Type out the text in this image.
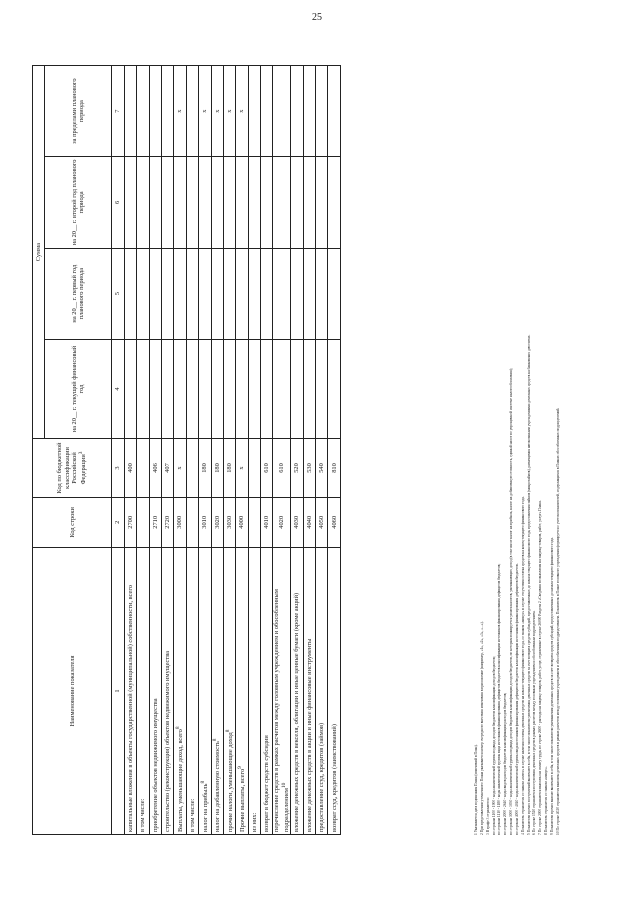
25
Наименование показателя	Код строки	Код по бюджетной классификации Российской Федерации$^3$	Сумма			
			на 20__ г. текущий финансовый год	на 20__ г. первый год планового периода	на 20__ г. второй год планового периода	за пределами планового периода
1	2	3	4	5	6	7
капитальные вложения в объекты государственной (муниципальной) собственности, всего	2700	400				
в том числе:						
приобретение объектов недвижимого имущества	2710	406				
строительство (реконструкция) объектов недвижимого имущества	2720	407				
Выплаты, уменьшающие доход, всего$^8$	3000	x				x
в том числе:						
налог на прибыль$^8$	3010	180				x
налог на добавленную стоимость$^8$	3020	180				x
прочие налоги, уменьшающие доход$^8$	3030	180				x
Прочие выплаты, всего$^9$	4000	x				x
из них:						
возврат в бюджет средств субсидии	4010	610				
перечисление средств в рамках расчетов между головным учреждением и обособленным подразделением$^{10}$	4020	610				
вложение денежных средств в векселя, облигации и иные ценные бумаги (кроме акций)	4030	520				
вложение денежных средств в акции и иные финансовые инструменты	4040	530				
предоставление ссуд, кредитов (займов)	4050	540				
возврат ссуд, кредитов (заимствований)	4060	810				

1 Указывается дата подписания Плана (изменений в План). 2 При представлении уточненного Плана указывается номер очередного внесения изменения в приложение (например, «1», «2», «3», «...»). 3 В графе 3 отражаются: по строкам 1100 - 1900 - коды аналитической группы подвида доходов бюджетов классификации доходов бюджетов; по строкам 1110 - 1180 - коды аналитической группы вида источников финансирования дефицитов бюджетов классификации источников финансирования дефицитов бюджетов; по строкам 2000 - 2640 - коды видов расходов бюджетов классификации расходов бюджетов; по строкам 3000 - 3030 - коды аналитической группы подвида доходов бюджетов классификации доходов бюджетов, по которым планируется уплата налогов, уменьшающих доход (в том числе налог на прибыль, налог на добавленную стоимость, единый налог по упрощенной системе налогообложения); по строкам 4000 - 4040 - коды аналитической группы вида источников финансирования дефицитов бюджетов классификации источников финансирования дефицитов бюджетов. 4 Показатель отражается со знаком «плюс» в случае наличия остатка денежных средств на начало текущего финансового года, со знаком «минус» в случае отсутствия остатка средств на конец текущего финансового года. 5 Показатели прочих поступлений включают в себя, в том числе показатели увеличения денежных средств за счет возврата средств субсидий, предоставленных до начала текущего финансового года, предоставления займов (микрозаймов), размещения автономными учреждениями денежных средств на банковских депозитах. 6 По строке 1520 отражаются поступления денежных средств в рамках расчетов между головным учреждением и обособленным подразделением. 7 По строке 2000 отражаются выплаты на оплату труда, по строке 2600 - расходы на закупку товаров, работ, услуг, отраженные в строке 26000 Раздела 2 «Сведения по выплатам на закупку товаров, работ, услуг» Плана. 8 Показатель отражается со знаком «минус». 9 Показатели прочих выплат включают в себя, в том числе показатели уменьшения денежных средств за счет возврата средств субсидий, предоставленных до начала текущего финансового года. 10 По строке 4020 отражаются выплаты денежных средств в рамках расчетов между головным учреждением и обособленным подразделением. Показатель в Плане головного учреждения формируется с учетом показателей, содержащихся в Планах обособленных подразделений.
